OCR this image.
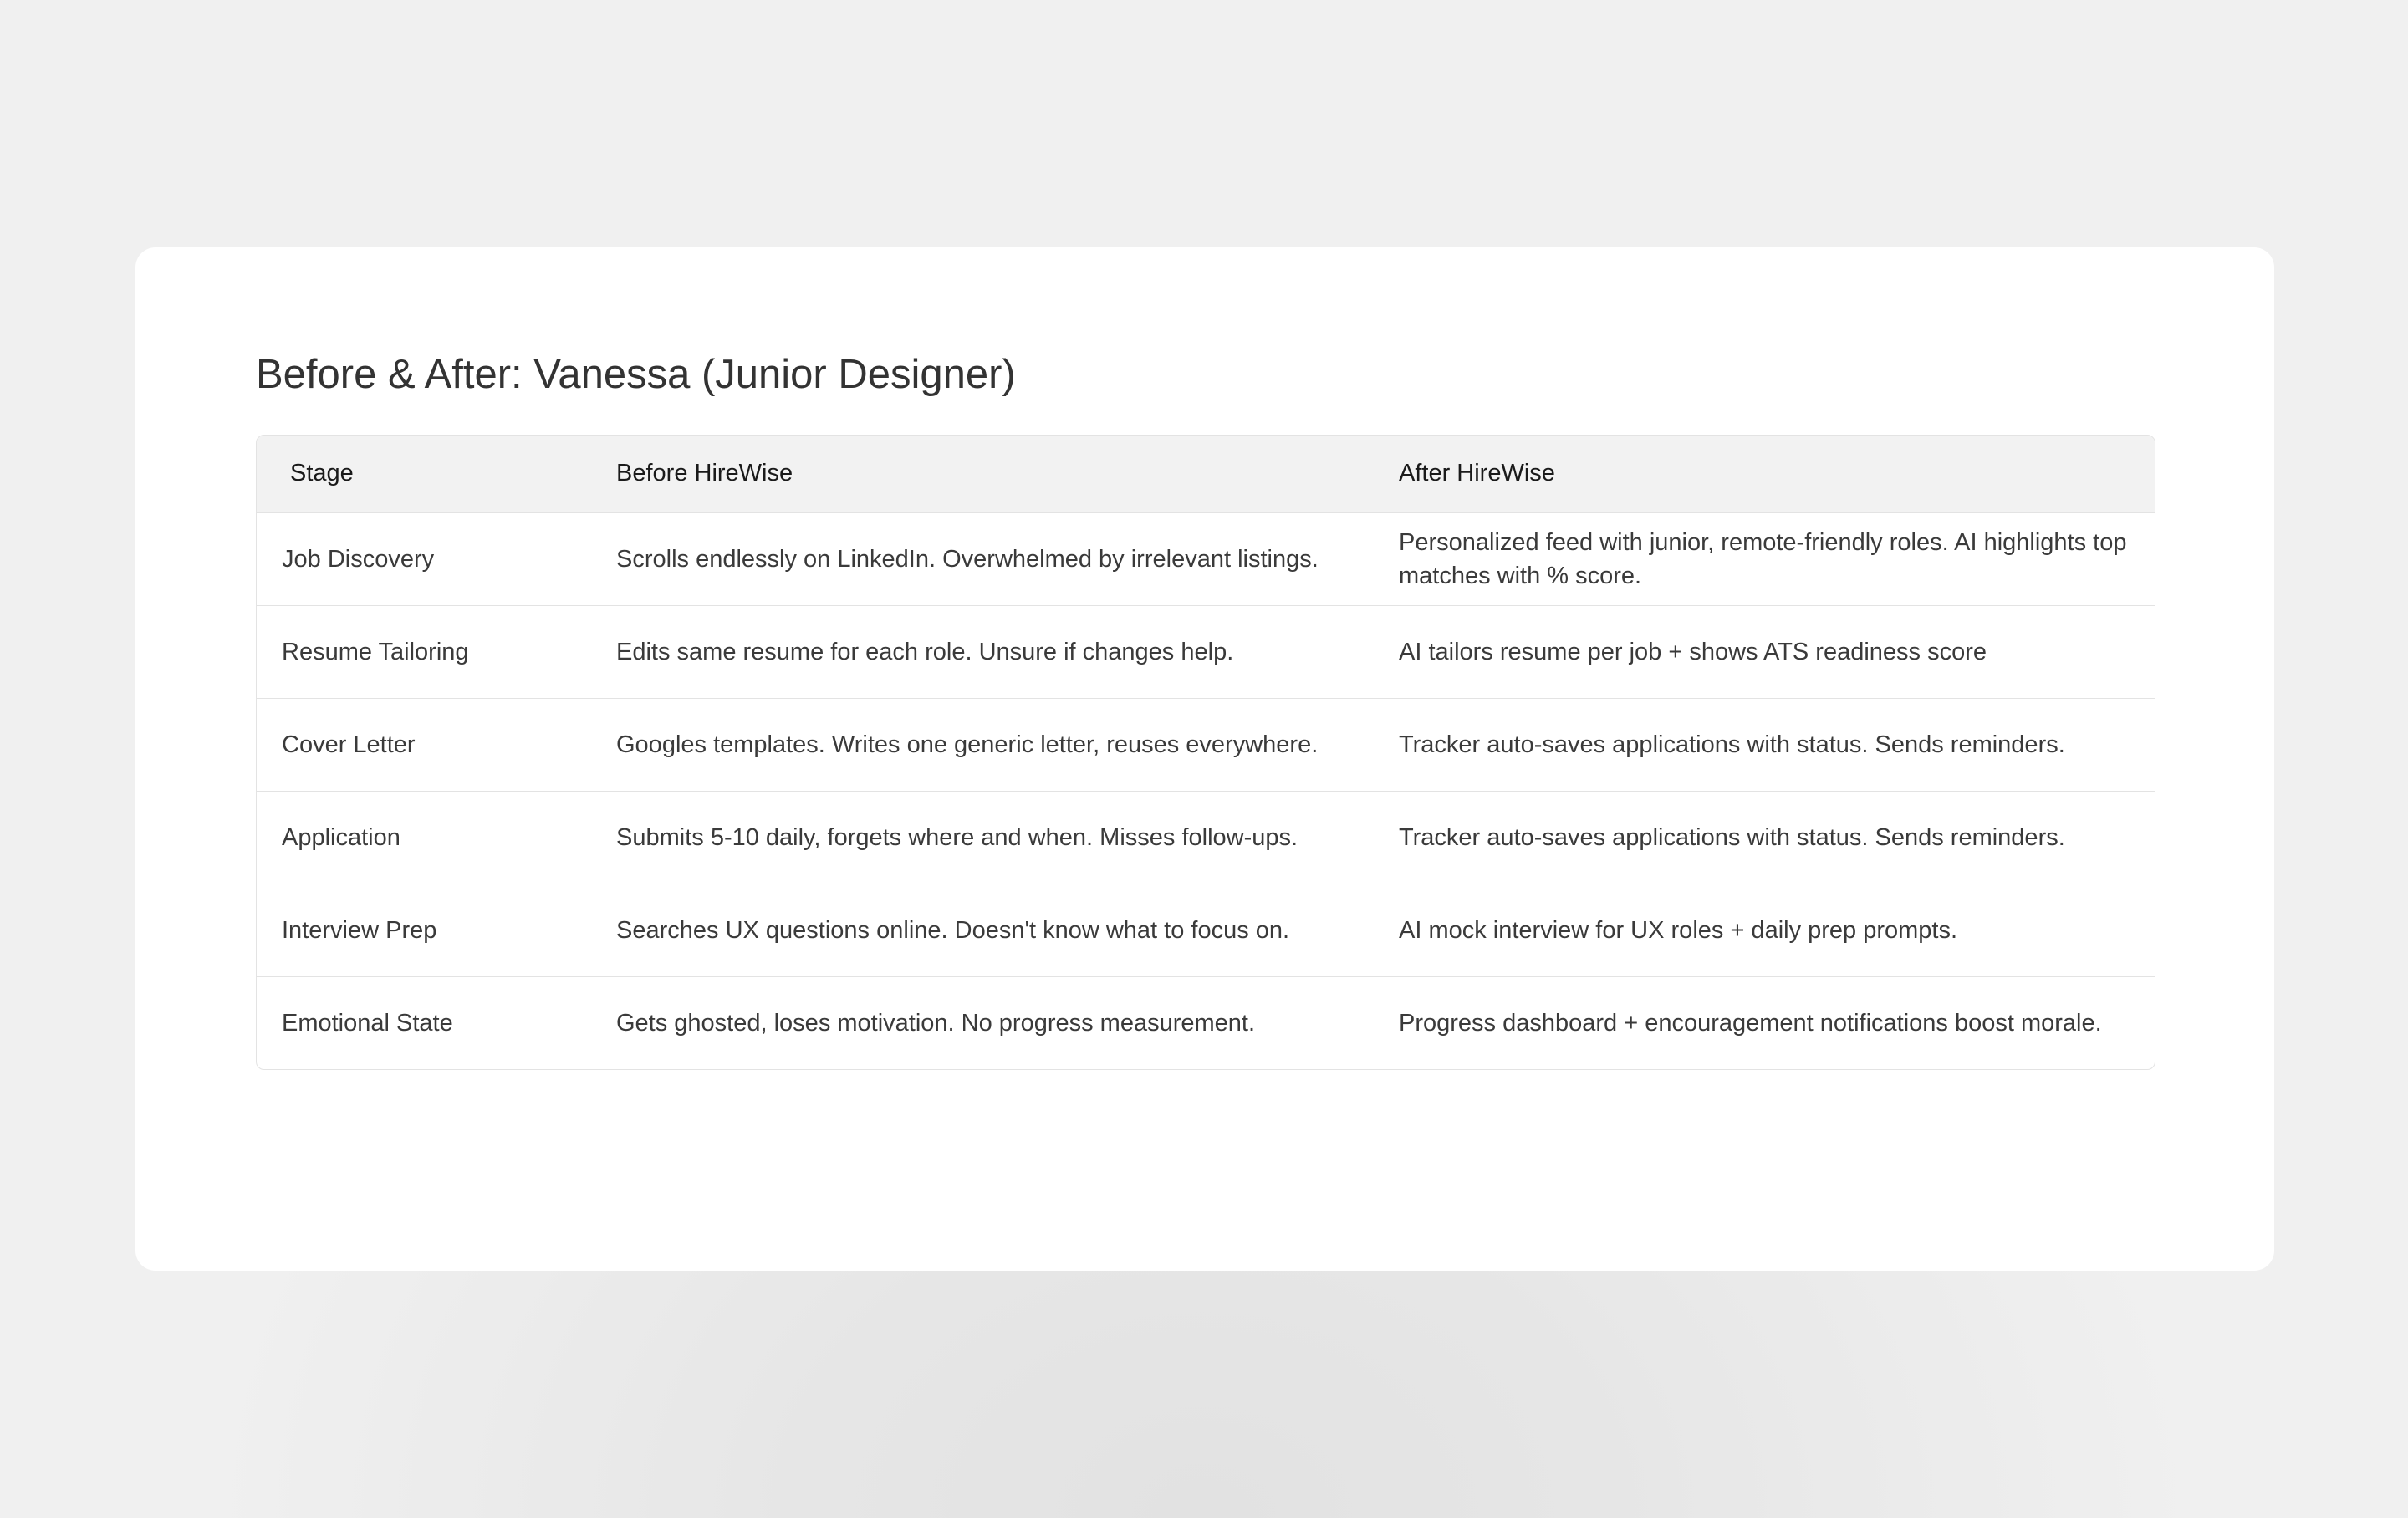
Before & After: Vanessa (Junior Designer)
Stage	Before HireWise	After HireWise
Job Discovery	Scrolls endlessly on LinkedIn. Overwhelmed by irrelevant listings.	Personalized feed with junior, remote-friendly roles. AI highlights top matches with % score.
Resume Tailoring	Edits same resume for each role. Unsure if changes help.	AI tailors resume per job + shows ATS readiness score
Cover Letter	Googles templates. Writes one generic letter, reuses everywhere.	Tracker auto-saves applications with status. Sends reminders.
Application	Submits 5-10 daily, forgets where and when. Misses follow-ups.	Tracker auto-saves applications with status. Sends reminders.
Interview Prep	Searches UX questions online. Doesn't know what to focus on.	AI mock interview for UX roles + daily prep prompts.
Emotional State	Gets ghosted, loses motivation. No progress measurement.	Progress dashboard + encouragement notifications boost morale.
